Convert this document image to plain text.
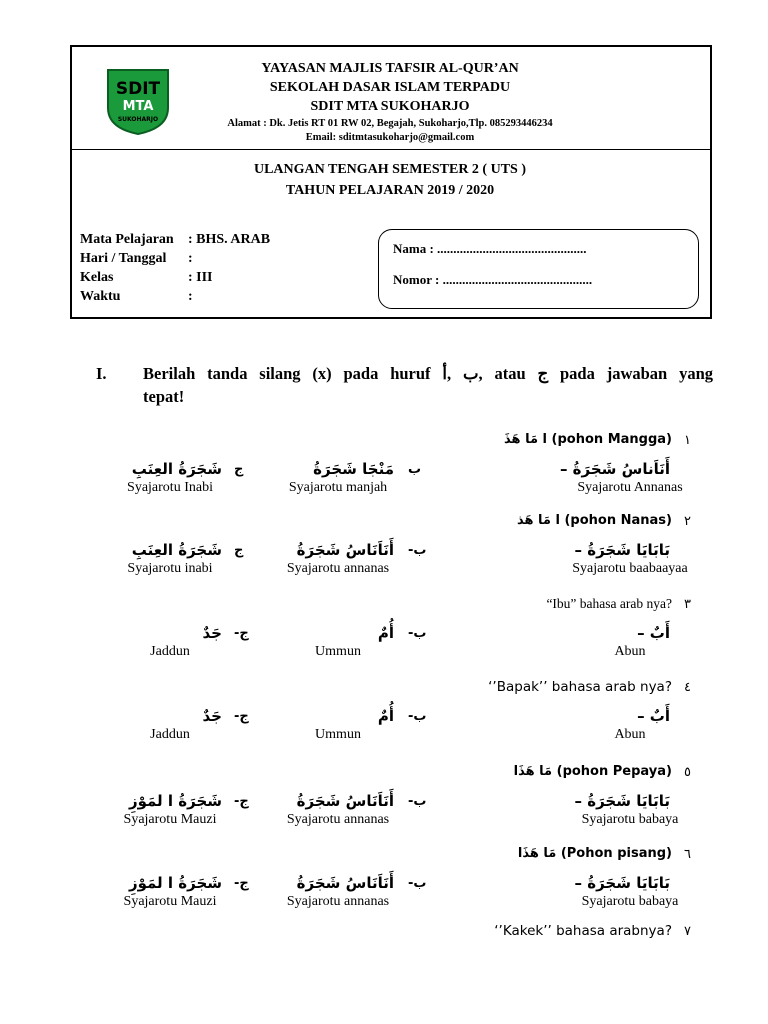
SDIT
MTA
SUKOHARJO
YAYASAN MAJLIS TAFSIR AL-QUR’AN
SEKOLAH DASAR ISLAM TERPADU
SDIT MTA SUKOHARJO
Alamat : Dk. Jetis RT 01 RW 02, Begajah, Sukoharjo,Tlp. 085293446234
Email: sditmtasukoharjo@gmail.com
ULANGAN TENGAH SEMESTER 2 ( UTS )
TAHUN PELAJARAN 2019 / 2020
Mata Pelajaran : BHS. ARAB
Hari / Tanggal :
Kelas	: III
Waktu	:
Nama : ..............................................
Nomor : ..............................................
I. Berilah tanda silang (x) pada huruf ب ,أ, atau ج pada jawaban yang
tepat!
١
(pohon Mangga) ا مَا هَذَ
أَنَاَناسُ شَجَرَةُ –
Syajarotu Annanas
مَنْجَا شَجَرَةُ
Syajarotu manjah
ب
شَجَرَةُ العِنَبِ
Syajarotu Inabi
ج
٢
(pohon Nanas) ا مَا هَذ
بَابَايَا شَجَرَةُ –
Syajarotu baabaayaa
أَنَاَنَاسُ شَجَرَةُ
Syajarotu annanas
ب-
شَجَرَةُ العِنَبِ
Syajarotu inabi
ج
٣
“Ibu” bahasa arab nya?
أَبٌ –
Abun
أُمٌ
Ummun
ب-
جَدٌ
Jaddun
ج-
٤
‘’Bapak’’ bahasa arab nya?
أَبٌ –
Abun
أُمٌ
Ummun
ب-
جَدٌ
Jaddun
ج-
٥
(pohon Pepaya) مَا هَذَا
بَابَايَا شَجَرَةُ –
Syajarotu babaya
أَنَاَنَاسُ شَجَرَةُ
Syajarotu annanas
ب-
شَجَرَةُ ا لمَوْزِ
Syajarotu Mauzi
ج-
٦
(Pohon pisang) مَا هَذَا
بَابَايَا شَجَرَةُ –
Syajarotu babaya
أَنَاَنَاسُ شَجَرَةُ
Syajarotu annanas
ب-
شَجَرَةُ ا لمَوْزِ
Syajarotu Mauzi
ج-
٧
‘’Kakek’’ bahasa arabnya?
